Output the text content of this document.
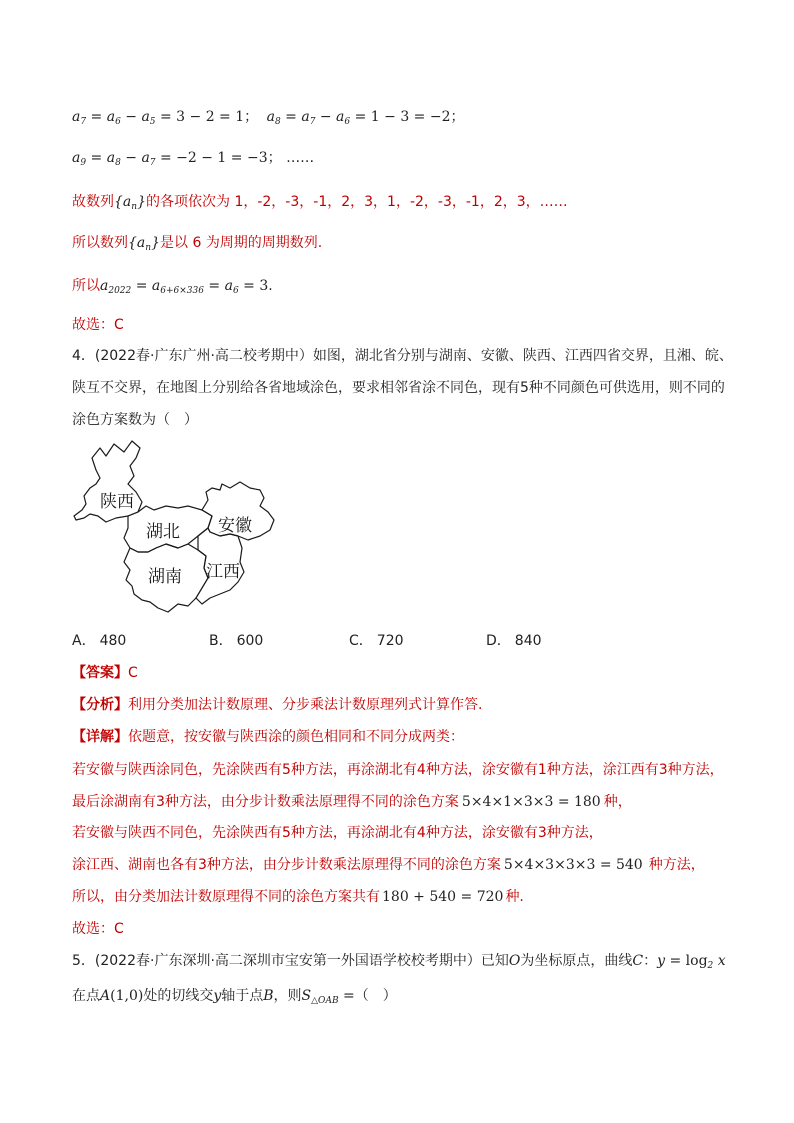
$a_7 = a_6 - a_5 = 3 - 2 = 1$； $a_8 = a_7 - a_6 = 1 - 3 = -2$；
$a_9 = a_8 - a_7 = -2 - 1 = -3$； ……
故数列$\{a_n\}$的各项依次为 1，-2，-3，-1，2，3，1，-2，-3，-1，2，3，……
所以数列$\{a_n\}$是以 6 为周期的周期数列.
所以$a_{2022} = a_{6+6\times 336} = a_6 = 3$.
故选：C
4．(2022春·广东广州·高二校考期中）如图，湖北省分别与湖南、安徽、陕西、江西四省交界，且湘、皖、
陕互不交界，在地图上分别给各省地域涂色，要求相邻省涂不同色，现有5种不同颜色可供选用，则不同的
涂色方案数为（　）
陕西
湖北 安徽
湖南 江西
A． 480	B． 600	C． 720	D． 840
【答案】C
【分析】利用分类加法计数原理、分步乘法计数原理列式计算作答.
【详解】依题意，按安徽与陕西涂的颜色相同和不同分成两类：
若安徽与陕西涂同色，先涂陕西有5种方法，再涂湖北有4种方法，涂安徽有1种方法，涂江西有3种方法，
最后涂湖南有3种方法，由分步计数乘法原理得不同的涂色方案 5×4×1×3×3 = 180 种，
若安徽与陕西不同色，先涂陕西有5种方法，再涂湖北有4种方法，涂安徽有3种方法，
涂江西、湖南也各有3种方法，由分步计数乘法原理得不同的涂色方案 5×4×3×3×3 = 540 种方法，
所以，由分类加法计数原理得不同的涂色方案共有 180 + 540 = 720 种.
故选：C
5．(2022春·广东深圳·高二深圳市宝安第一外国语学校校考期中）已知O为坐标原点，曲线C：$y = \log_2 x$
在点A(1,0)处的切线交y轴于点B，则$S_{\triangle OAB}$ =（　）
